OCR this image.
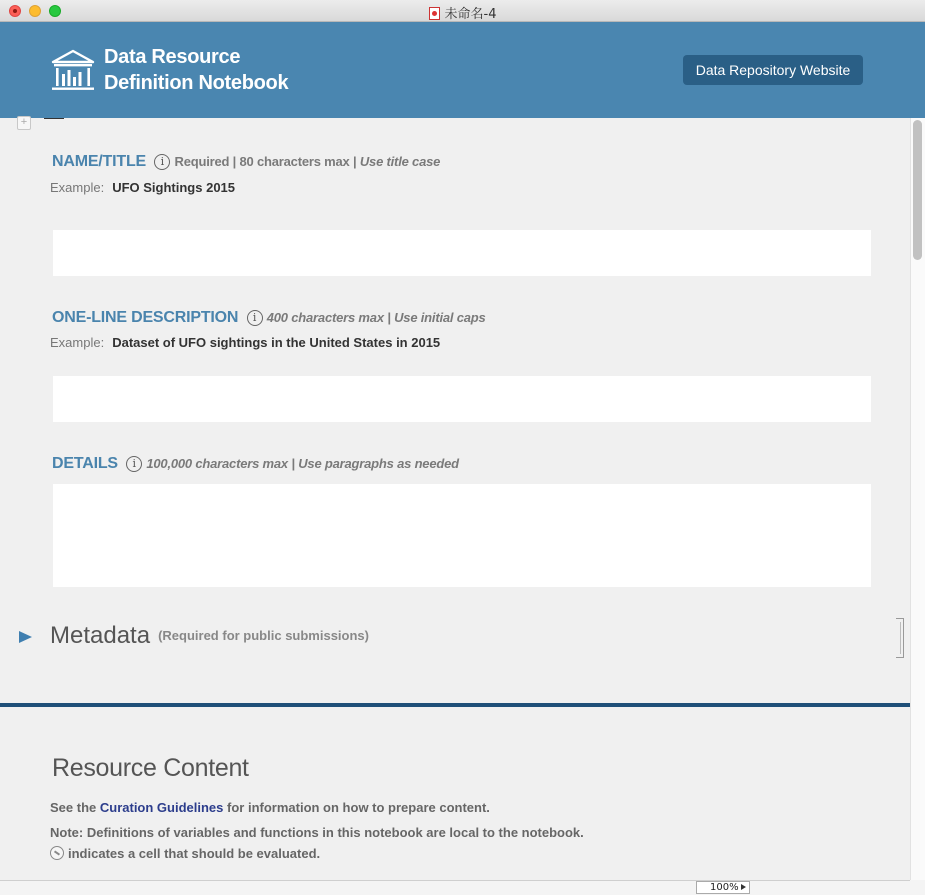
未命名-4
Data Resource
Definition Notebook
Data Repository Website
+
NAME/TITLE i Required | 80 characters max | Use title case
Example: UFO Sightings 2015
ONE-LINE DESCRIPTION i 400 characters max | Use initial caps
Example: Dataset of UFO sightings in the United States in 2015
DETAILS i 100,000 characters max | Use paragraphs as needed
Metadata (Required for public submissions)
Resource Content
See the Curation Guidelines for information on how to prepare content.
Note: Definitions of variables and functions in this notebook are local to the notebook.
indicates a cell that should be evaluated.
100%
